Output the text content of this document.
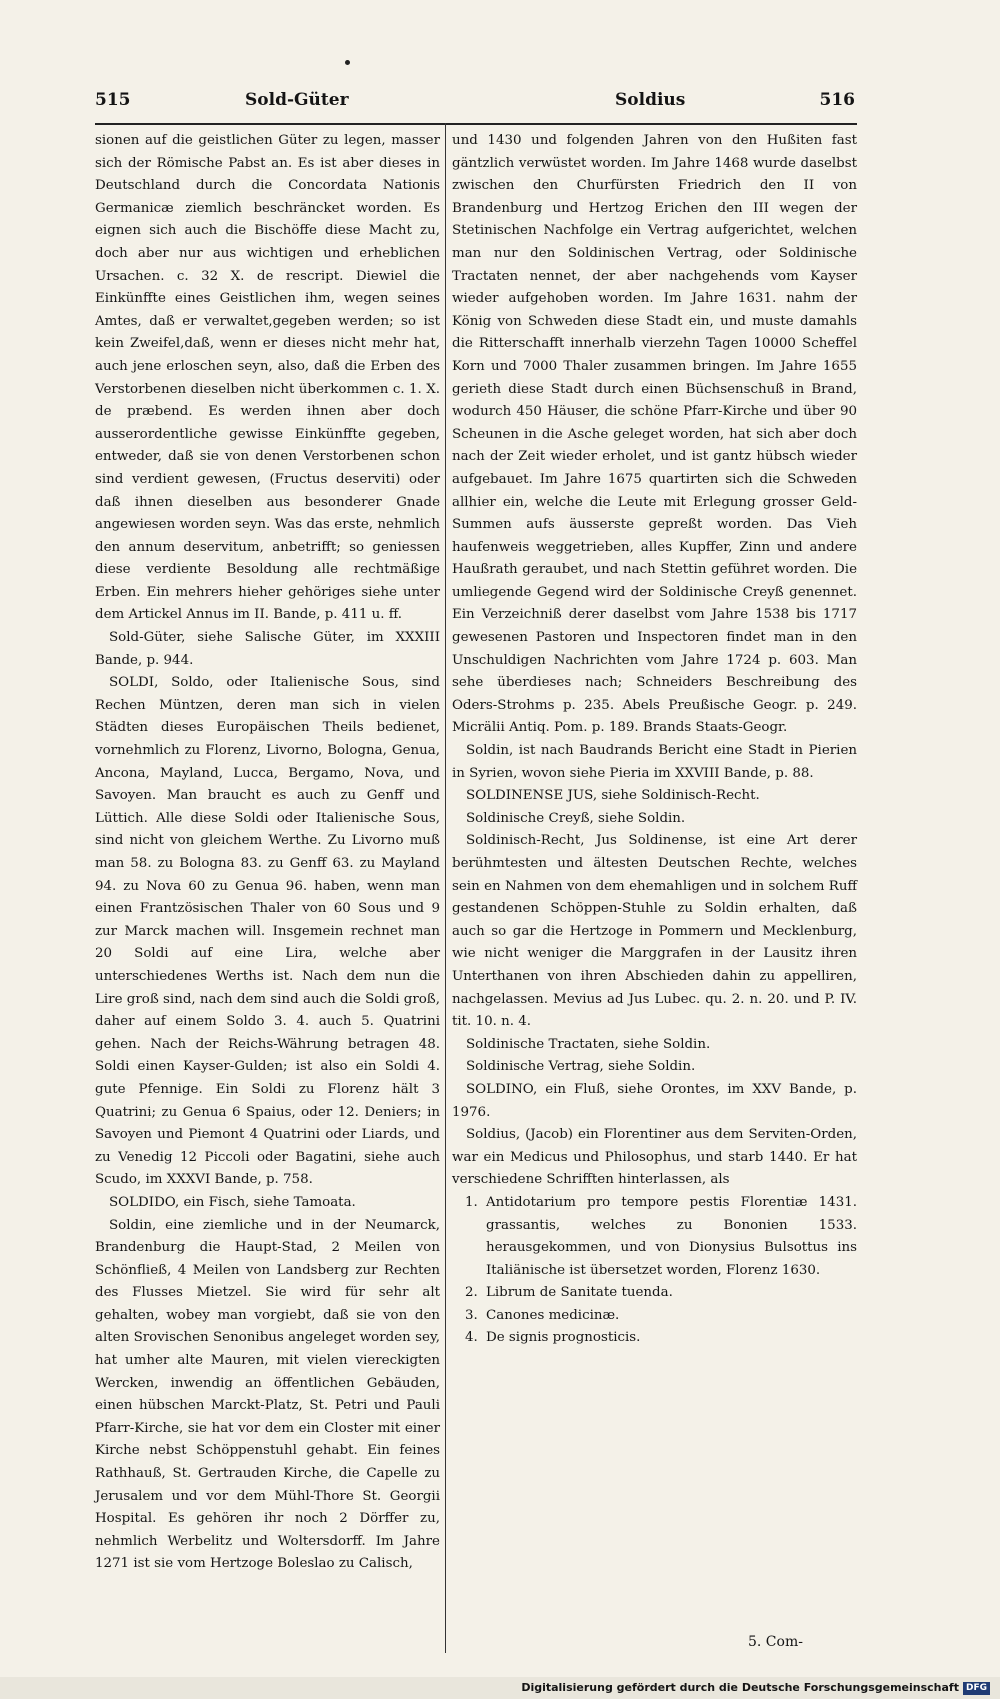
515	Sold-Güter	Soldius	516

sionen auf die geistlichen Güter zu legen, masser sich der Römische Pabst an. Es ist aber dieses in Deutschland durch die Concordata Nationis Germanicæ ziemlich beschräncket worden. Es eignen sich auch die Bischöffe diese Macht zu, doch aber nur aus wichtigen und erheblichen Ursachen. c. 32 X. de rescript. Diewiel die Einkünffte eines Geistlichen ihm, wegen seines Amtes, daß er verwaltet,gegeben werden; so ist kein Zweifel,daß, wenn er dieses nicht mehr hat, auch jene erloschen seyn, also, daß die Erben des Verstorbenen dieselben nicht überkommen c. 1. X. de præbend. Es werden ihnen aber doch ausserordentliche gewisse Einkünffte gegeben, entweder, daß sie von denen Verstorbenen schon sind verdient gewesen, (Fructus deserviti) oder daß ihnen dieselben aus besonderer Gnade angewiesen worden seyn. Was das erste, nehmlich den annum deservitum, anbetrifft; so geniessen diese verdiente Besoldung alle rechtmäßige Erben. Ein mehrers hieher gehöriges siehe unter dem Artickel Annus im II. Bande, p. 411 u. ff.

Sold-Güter, siehe Salische Güter, im XXXIII Bande, p. 944.

SOLDI, Soldo, oder Italienische Sous, sind Rechen Müntzen, deren man sich in vielen Städten dieses Europäischen Theils bedienet, vornehmlich zu Florenz, Livorno, Bologna, Genua, Ancona, Mayland, Lucca, Bergamo, Nova, und Savoyen. Man braucht es auch zu Genff und Lüttich. Alle diese Soldi oder Italienische Sous, sind nicht von gleichem Werthe. Zu Livorno muß man 58. zu Bologna 83. zu Genff 63. zu Mayland 94. zu Nova 60 zu Genua 96. haben, wenn man einen Frantzösischen Thaler von 60 Sous und 9 zur Marck machen will. Insgemein rechnet man 20 Soldi auf eine Lira, welche aber unterschiedenes Werths ist. Nach dem nun die Lire groß sind, nach dem sind auch die Soldi groß, daher auf einem Soldo 3. 4. auch 5. Quatrini gehen. Nach der Reichs-Währung betragen 48. Soldi einen Kayser-Gulden; ist also ein Soldi 4. gute Pfennige. Ein Soldi zu Florenz hält 3 Quatrini; zu Genua 6 Spaius, oder 12. Deniers; in Savoyen und Piemont 4 Quatrini oder Liards, und zu Venedig 12 Piccoli oder Bagatini, siehe auch Scudo, im XXXVI Bande, p. 758.

SOLDIDO, ein Fisch, siehe Tamoata.

Soldin, eine ziemliche und in der Neumarck, Brandenburg die Haupt-Stad, 2 Meilen von Schönfließ, 4 Meilen von Landsberg zur Rechten des Flusses Mietzel. Sie wird für sehr alt gehalten, wobey man vorgiebt, daß sie von den alten Srovischen Senonibus angeleget worden sey, hat umher alte Mauren, mit vielen viereckigten Wercken, inwendig an öffentlichen Gebäuden, einen hübschen Marckt-Platz, St. Petri und Pauli Pfarr-Kirche, sie hat vor dem ein Closter mit einer Kirche nebst Schöppenstuhl gehabt. Ein feines Rathhauß, St. Gertrauden Kirche, die Capelle zu Jerusalem und vor dem Mühl-Thore St. Georgii Hospital. Es gehören ihr noch 2 Dörffer zu, nehmlich Werbelitz und Woltersdorff. Im Jahre 1271 ist sie vom Hertzoge Boleslao zu Calisch,

und 1430 und folgenden Jahren von den Hußiten fast gäntzlich verwüstet worden. Im Jahre 1468 wurde daselbst zwischen den Churfürsten Friedrich den II von Brandenburg und Hertzog Erichen den III wegen der Stetinischen Nachfolge ein Vertrag aufgerichtet, welchen man nur den Soldinischen Vertrag, oder Soldinische Tractaten nennet, der aber nachgehends vom Kayser wieder aufgehoben worden. Im Jahre 1631. nahm der König von Schweden diese Stadt ein, und muste damahls die Ritterschafft innerhalb vierzehn Tagen 10000 Scheffel Korn und 7000 Thaler zusammen bringen. Im Jahre 1655 gerieth diese Stadt durch einen Büchsenschuß in Brand, wodurch 450 Häuser, die schöne Pfarr-Kirche und über 90 Scheunen in die Asche geleget worden, hat sich aber doch nach der Zeit wieder erholet, und ist gantz hübsch wieder aufgebauet. Im Jahre 1675 quartirten sich die Schweden allhier ein, welche die Leute mit Erlegung grosser Geld-Summen aufs äusserste gepreßt worden. Das Vieh haufenweis weggetrieben, alles Kupffer, Zinn und andere Haußrath geraubet, und nach Stettin geführet worden. Die umliegende Gegend wird der Soldinische Creyß genennet. Ein Verzeichniß derer daselbst vom Jahre 1538 bis 1717 gewesenen Pastoren und Inspectoren findet man in den Unschuldigen Nachrichten vom Jahre 1724 p. 603. Man sehe überdieses nach; Schneiders Beschreibung des Oders-Strohms p. 235. Abels Preußische Geogr. p. 249. Micrälii Antiq. Pom. p. 189. Brands Staats-Geogr.

Soldin, ist nach Baudrands Bericht eine Stadt in Pierien in Syrien, wovon siehe Pieria im XXVIII Bande, p. 88.

SOLDINENSE JUS, siehe Soldinisch-Recht.

Soldinische Creyß, siehe Soldin.

Soldinisch-Recht, Jus Soldinense, ist eine Art derer berühmtesten und ältesten Deutschen Rechte, welches sein en Nahmen von dem ehemahligen und in solchem Ruff gestandenen Schöppen-Stuhle zu Soldin erhalten, daß auch so gar die Hertzoge in Pommern und Mecklenburg, wie nicht weniger die Marggrafen in der Lausitz ihren Unterthanen von ihren Abschieden dahin zu appelliren, nachgelassen. Mevius ad Jus Lubec. qu. 2. n. 20. und P. IV. tit. 10. n. 4.

Soldinische Tractaten, siehe Soldin.

Soldinische Vertrag, siehe Soldin.

SOLDINO, ein Fluß, siehe Orontes, im XXV Bande, p. 1976.

Soldius, (Jacob) ein Florentiner aus dem Serviten-Orden, war ein Medicus und Philosophus, und starb 1440. Er hat verschiedene Schrifften hinterlassen, als

1. Antidotarium pro tempore pestis Florentiæ 1431. grassantis, welches zu Bononien 1533. herausgekommen, und von Dionysius Bulsottus ins Italiänische ist übersetzet worden, Florenz 1630.
2. Librum de Sanitate tuenda.
3. Canones medicinæ.
4. De signis prognosticis.
5. Com-
Digitalisierung gefördert durch die Deutsche Forschungsgemeinschaft DFG
